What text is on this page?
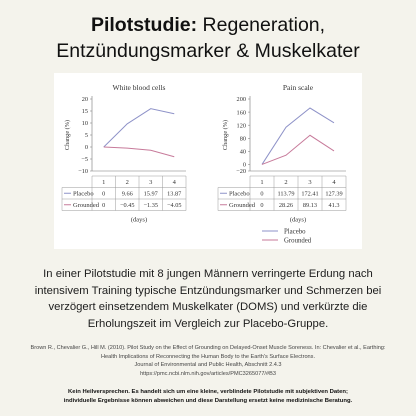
Pilotstudie: Regeneration,
Entzündungsmarker & Muskelkater
White blood cells
Change (%)
20
15
10
5
0
−5
−10
1	2	3	4
Placebo 0	9.66 15.97 13.87
Grounded 0 −0.45 −1.35 −4.05
(days)
Pain scale
Change (%)
200
160
120
80
40
0
−20
1	2	3	4
Placebo 0 113.79 172.41 127.39
Grounded 0 28.26 89.13 41.3
(days)
Placebo
Grounded
In einer Pilotstudie mit 8 jungen Männern verringerte Erdung nach intensivem Training typische Entzündungsmarker und Schmerzen bei verzögert einsetzendem Muskelkater (DOMS) und verkürzte die Erholungszeit im Vergleich zur Placebo-Gruppe.
Brown R., Chevalier G., Hill M. (2010). Pilot Study on the Effect of Grounding on Delayed-Onset Muscle Soreness. In: Chevalier et al., Earthing: Health Implications of Reconnecting the Human Body to the Earth's Surface Electrons.
Journal of Environmental and Public Health, Abschnitt 2.4.3
https://pmc.ncbi.nlm.nih.gov/articles/PMC3265077/#B3
Kein Heilversprechen. Es handelt sich um eine kleine, verblindete Pilotstudie mit subjektiven Daten;
individuelle Ergebnisse können abweichen und diese Darstellung ersetzt keine medizinische Beratung.
